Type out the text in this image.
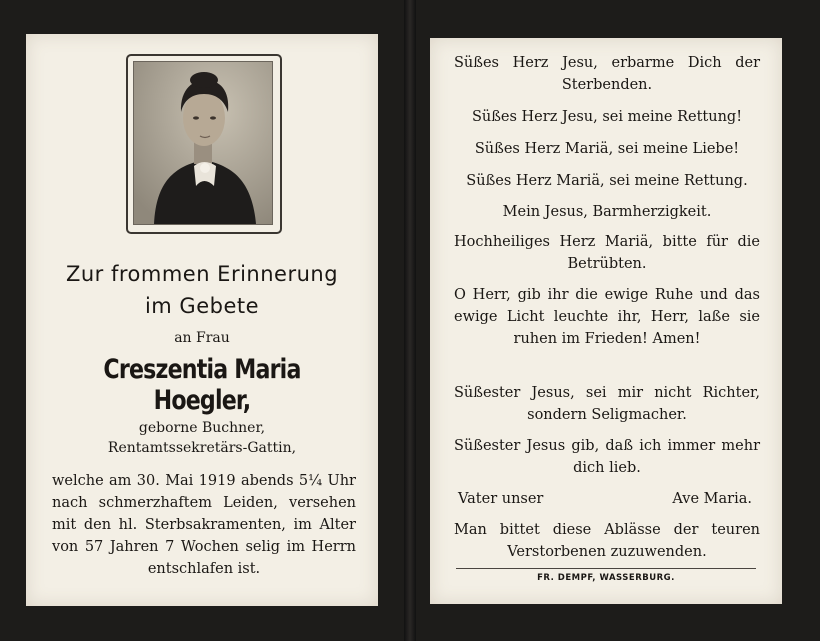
Zur frommen Erinnerung
im Gebete
an Frau
Creszentia Maria Hoegler,
geborne Buchner,
Rentamtssekretärs-Gattin,
welche am 30. Mai 1919 abends 5¼ Uhr nach schmerzhaftem Leiden, versehen mit den hl. Sterbsakramenten, im Alter von 57 Jahren 7 Wochen selig im Herrn entschlafen ist.
Süßes Herz Jesu, erbarme Dich der Sterbenden.
Süßes Herz Jesu, sei meine Rettung!
Süßes Herz Mariä, sei meine Liebe!
Süßes Herz Mariä, sei meine Rettung.
Mein Jesus, Barmherzigkeit.
Hochheiliges Herz Mariä, bitte für die Betrübten.
O Herr, gib ihr die ewige Ruhe und das ewige Licht leuchte ihr, Herr, laße sie ruhen im Frieden! Amen!
Süßester Jesus, sei mir nicht Richter, sondern Seligmacher.
Süßester Jesus gib, daß ich immer mehr dich lieb.
Vater unser	Ave Maria.
Man bittet diese Ablässe der teuren Verstorbenen zuzuwenden.
FR. DEMPF, WASSERBURG.
